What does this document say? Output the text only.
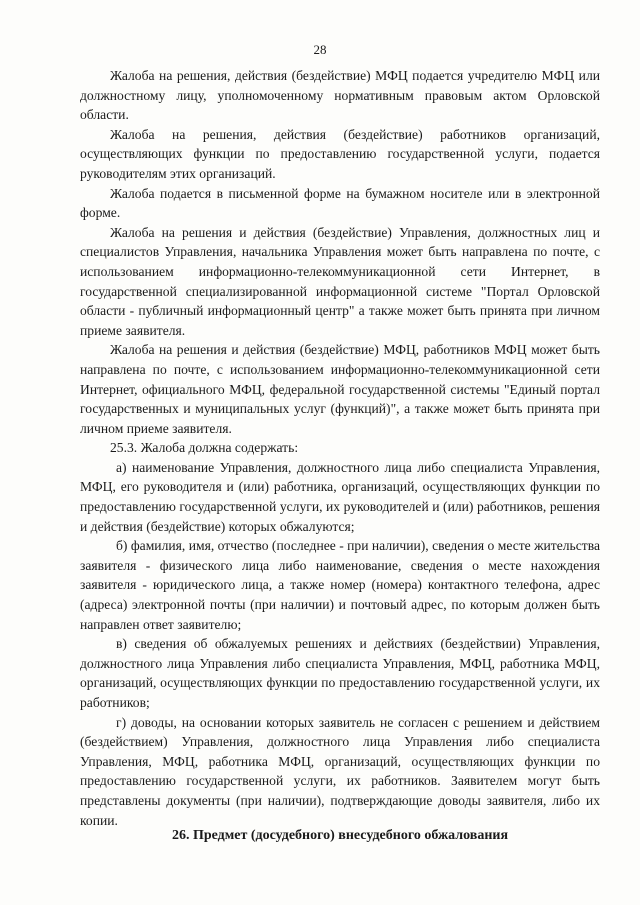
28

Жалоба на решения, действия (бездействие) МФЦ подается учредителю МФЦ или должностному лицу, уполномоченному нормативным правовым актом Орловской области.

Жалоба на решения, действия (бездействие) работников организаций, осуществляющих функции по предоставлению государственной услуги, подается руководителям этих организаций.

Жалоба подается в письменной форме на бумажном носителе или в электронной форме.

Жалоба на решения и действия (бездействие) Управления, должностных лиц и специалистов Управления, начальника Управления может быть направлена по почте, с использованием информационно-телекоммуникационной сети Интернет, в государственной специализированной информационной системе "Портал Орловской области - публичный информационный центр" а также может быть принята при личном приеме заявителя.

Жалоба на решения и действия (бездействие) МФЦ, работников МФЦ может быть направлена по почте, с использованием информационно-телекоммуникационной сети Интернет, официального МФЦ, федеральной государственной системы "Единый портал государственных и муниципальных услуг (функций)", а также может быть принята при личном приеме заявителя.

25.3. Жалоба должна содержать:

а) наименование Управления, должностного лица либо специалиста Управления, МФЦ, его руководителя и (или) работника, организаций, осуществляющих функции по предоставлению государственной услуги, их руководителей и (или) работников, решения и действия (бездействие) которых обжалуются;

б) фамилия, имя, отчество (последнее - при наличии), сведения о месте жительства заявителя - физического лица либо наименование, сведения о месте нахождения заявителя - юридического лица, а также номер (номера) контактного телефона, адрес (адреса) электронной почты (при наличии) и почтовый адрес, по которым должен быть направлен ответ заявителю;

в) сведения об обжалуемых решениях и действиях (бездействии) Управления, должностного лица Управления либо специалиста Управления, МФЦ, работника МФЦ, организаций, осуществляющих функции по предоставлению государственной услуги, их работников;

г) доводы, на основании которых заявитель не согласен с решением и действием (бездействием) Управления, должностного лица Управления либо специалиста Управления, МФЦ, работника МФЦ, организаций, осуществляющих функции по предоставлению государственной услуги, их работников. Заявителем могут быть представлены документы (при наличии), подтверждающие доводы заявителя, либо их копии.

26. Предмет (досудебного) внесудебного обжалования
